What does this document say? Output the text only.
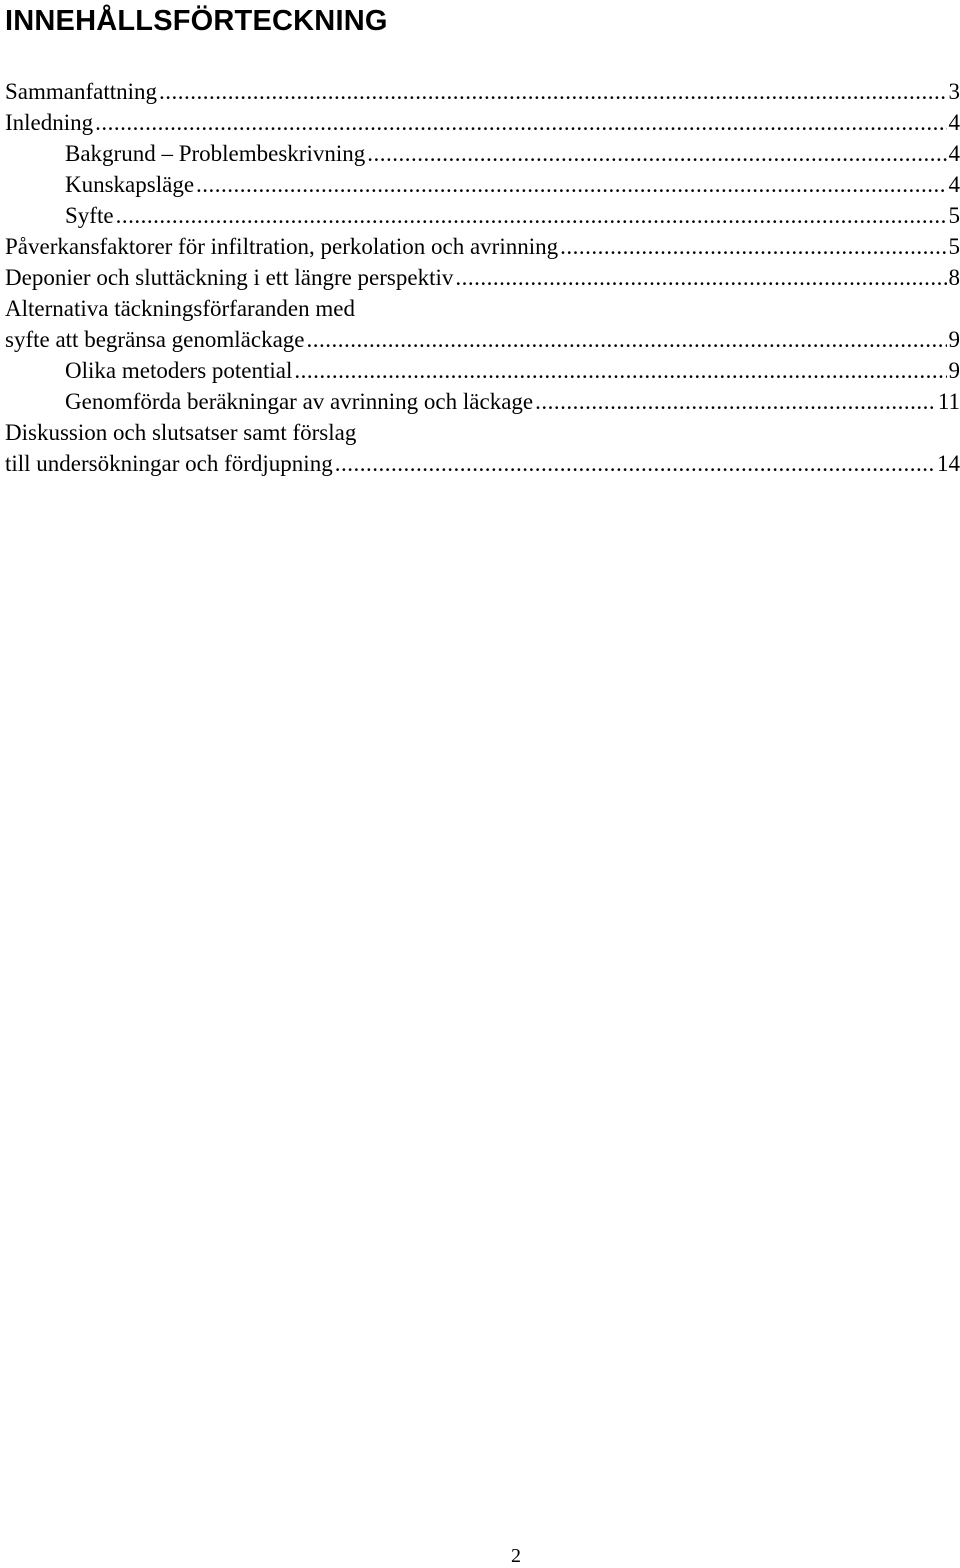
INNEHÅLLSFÖRTECKNING
Sammanfattning .....	3
Inledning .....	4
Bakgrund – Problembeskrivning .....	4
Kunskapsläge .....	4
Syfte .....	5
Påverkansfaktorer för infiltration, perkolation och avrinning .....	5
Deponier och sluttäckning i ett längre perspektiv .....	8
Alternativa täckningsförfaranden med
syfte att begränsa genomläckage .....	9
Olika metoders potential .....	9
Genomförda beräkningar av avrinning och läckage .....	11
Diskussion och slutsatser samt förslag
till undersökningar och fördjupning .....	14
2
